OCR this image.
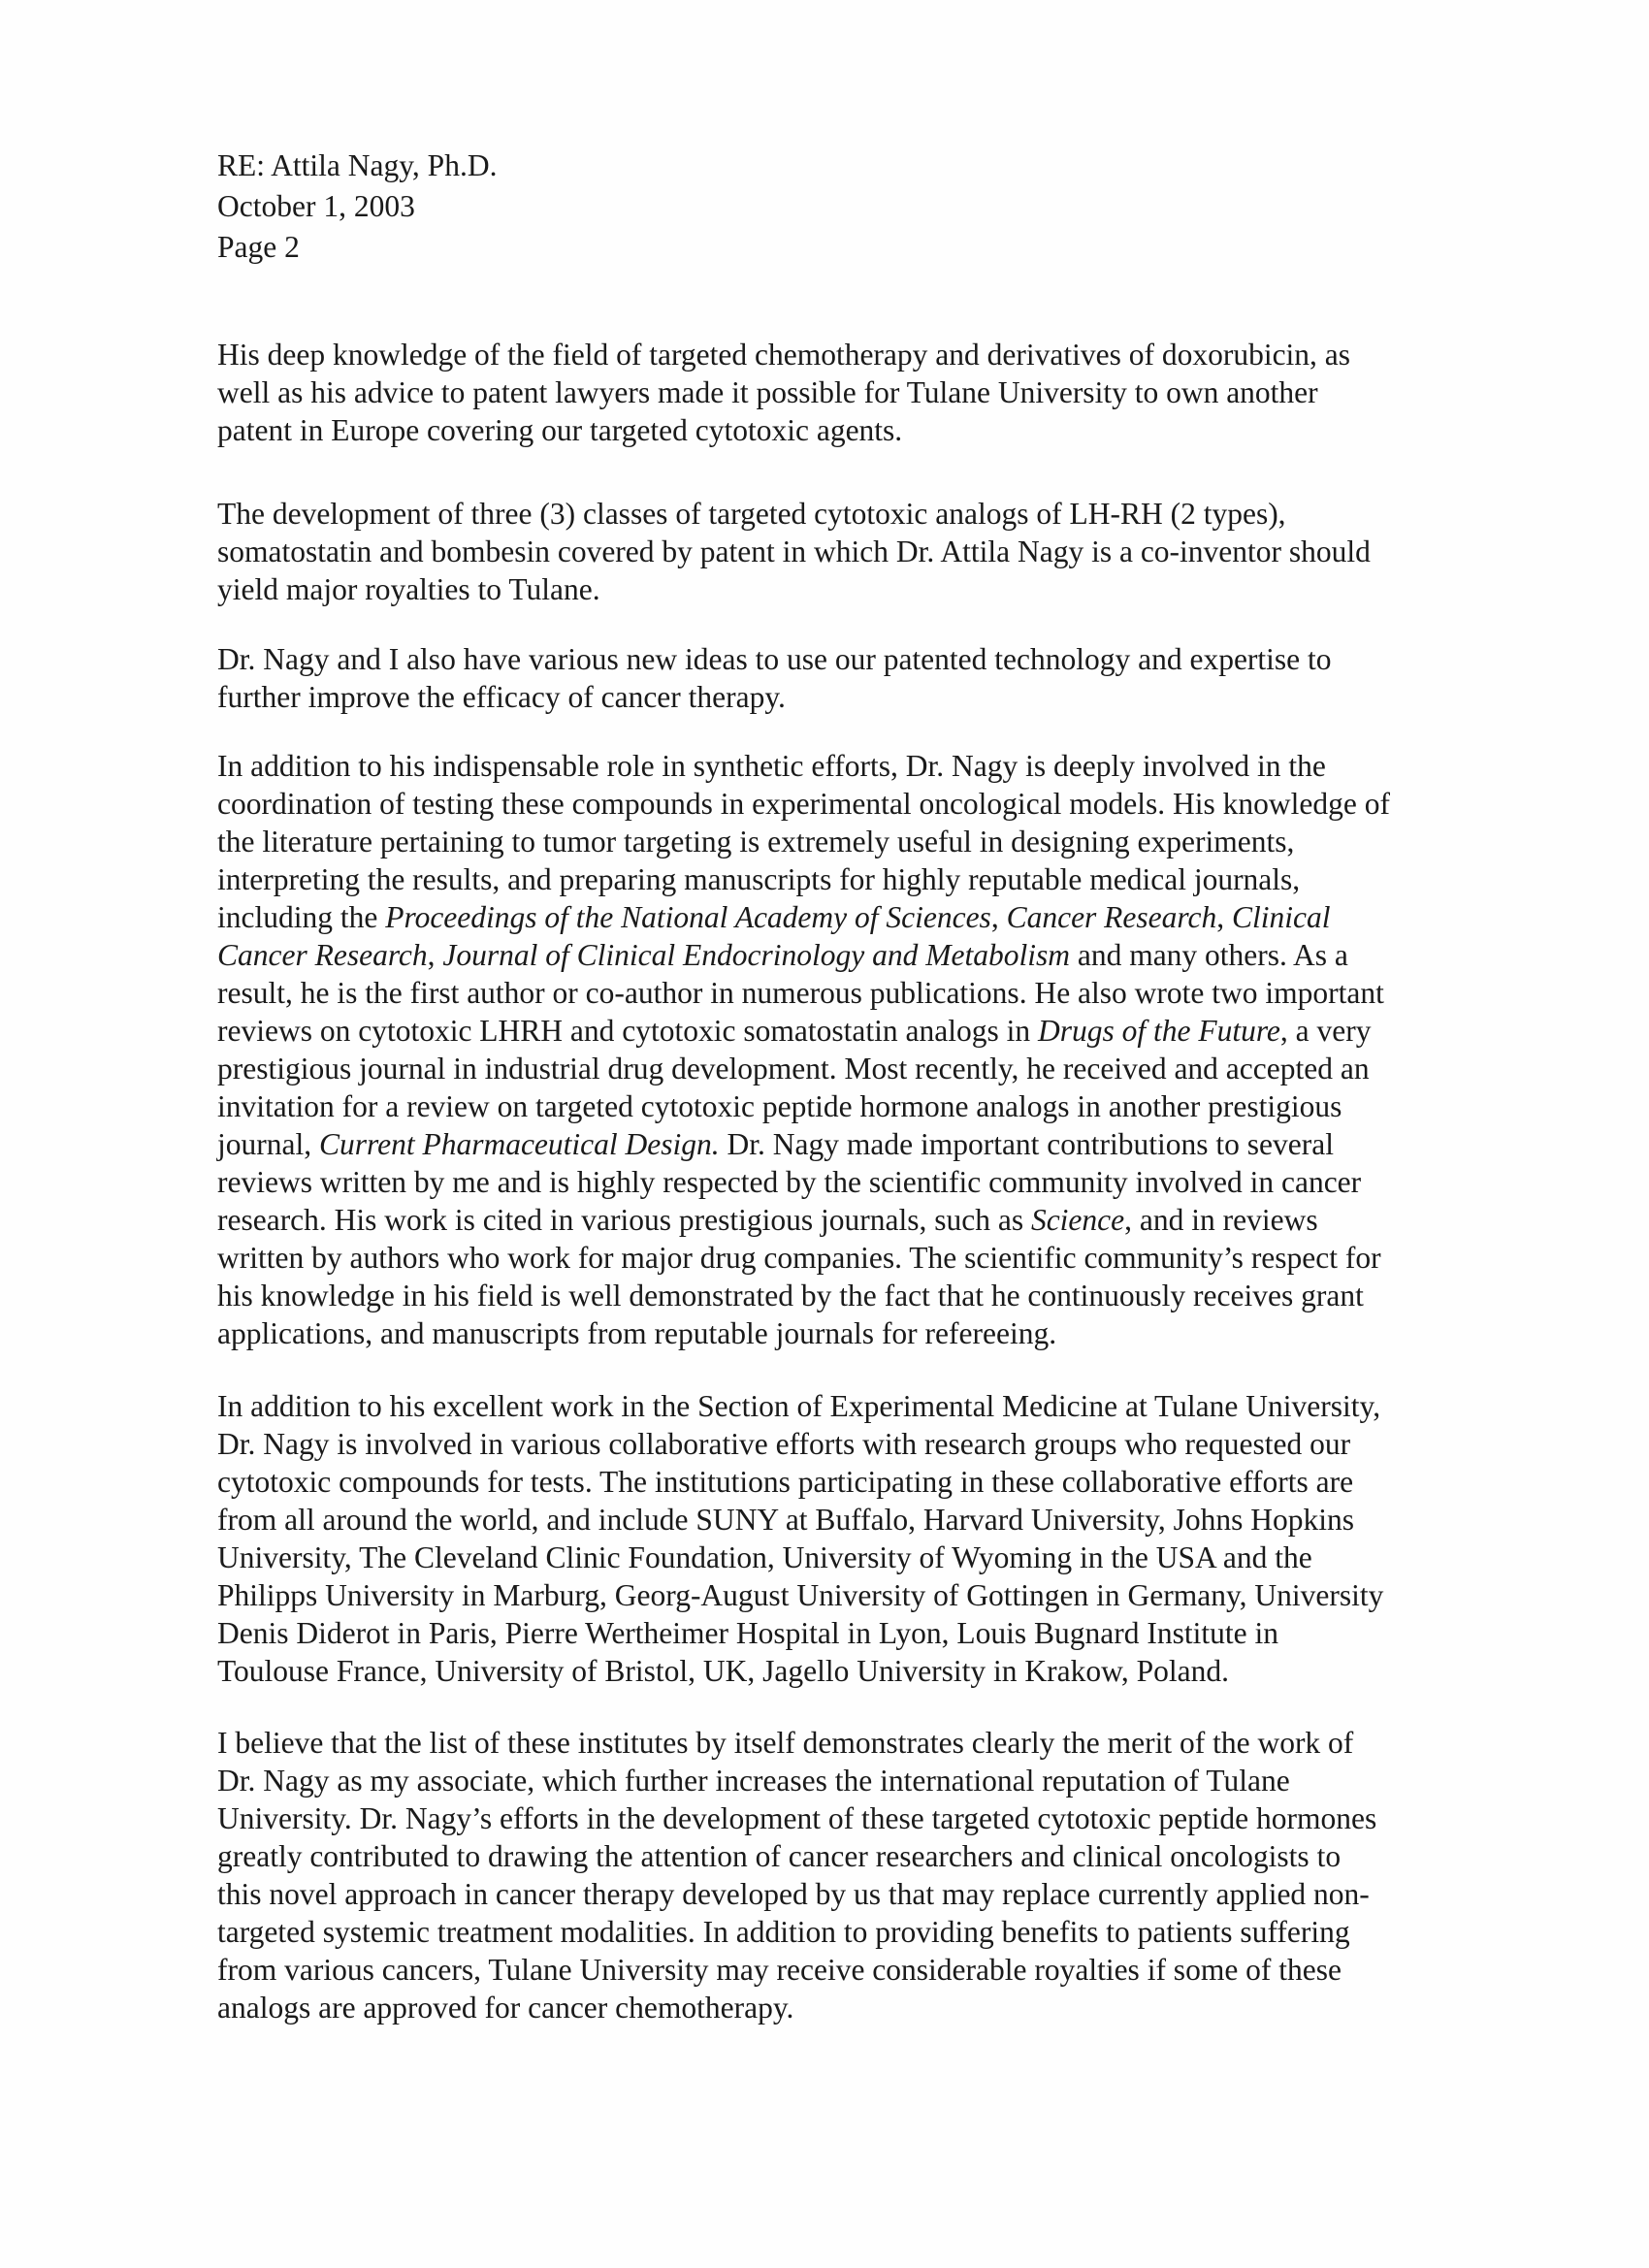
RE: Attila Nagy, Ph.D.
October 1, 2003
Page 2
His deep knowledge of the field of targeted chemotherapy and derivatives of doxorubicin, as
well as his advice to patent lawyers made it possible for Tulane University to own another
patent in Europe covering our targeted cytotoxic agents.
The development of three (3) classes of targeted cytotoxic analogs of LH-RH (2 types),
somatostatin and bombesin covered by patent in which Dr. Attila Nagy is a co-inventor should
yield major royalties to Tulane.
Dr. Nagy and I also have various new ideas to use our patented technology and expertise to
further improve the efficacy of cancer therapy.
In addition to his indispensable role in synthetic efforts, Dr. Nagy is deeply involved in the
coordination of testing these compounds in experimental oncological models. His knowledge of
the literature pertaining to tumor targeting is extremely useful in designing experiments,
interpreting the results, and preparing manuscripts for highly reputable medical journals,
including the Proceedings of the National Academy of Sciences, Cancer Research, Clinical
Cancer Research, Journal of Clinical Endocrinology and Metabolism and many others. As a
result, he is the first author or co-author in numerous publications. He also wrote two important
reviews on cytotoxic LHRH and cytotoxic somatostatin analogs in Drugs of the Future, a very
prestigious journal in industrial drug development. Most recently, he received and accepted an
invitation for a review on targeted cytotoxic peptide hormone analogs in another prestigious
journal, Current Pharmaceutical Design. Dr. Nagy made important contributions to several
reviews written by me and is highly respected by the scientific community involved in cancer
research. His work is cited in various prestigious journals, such as Science, and in reviews
written by authors who work for major drug companies. The scientific community’s respect for
his knowledge in his field is well demonstrated by the fact that he continuously receives grant
applications, and manuscripts from reputable journals for refereeing.
In addition to his excellent work in the Section of Experimental Medicine at Tulane University,
Dr. Nagy is involved in various collaborative efforts with research groups who requested our
cytotoxic compounds for tests. The institutions participating in these collaborative efforts are
from all around the world, and include SUNY at Buffalo, Harvard University, Johns Hopkins
University, The Cleveland Clinic Foundation, University of Wyoming in the USA and the
Philipps University in Marburg, Georg-August University of Gottingen in Germany, University
Denis Diderot in Paris, Pierre Wertheimer Hospital in Lyon, Louis Bugnard Institute in
Toulouse France, University of Bristol, UK, Jagello University in Krakow, Poland.
I believe that the list of these institutes by itself demonstrates clearly the merit of the work of
Dr. Nagy as my associate, which further increases the international reputation of Tulane
University. Dr. Nagy’s efforts in the development of these targeted cytotoxic peptide hormones
greatly contributed to drawing the attention of cancer researchers and clinical oncologists to
this novel approach in cancer therapy developed by us that may replace currently applied non-
targeted systemic treatment modalities. In addition to providing benefits to patients suffering
from various cancers, Tulane University may receive considerable royalties if some of these
analogs are approved for cancer chemotherapy.
